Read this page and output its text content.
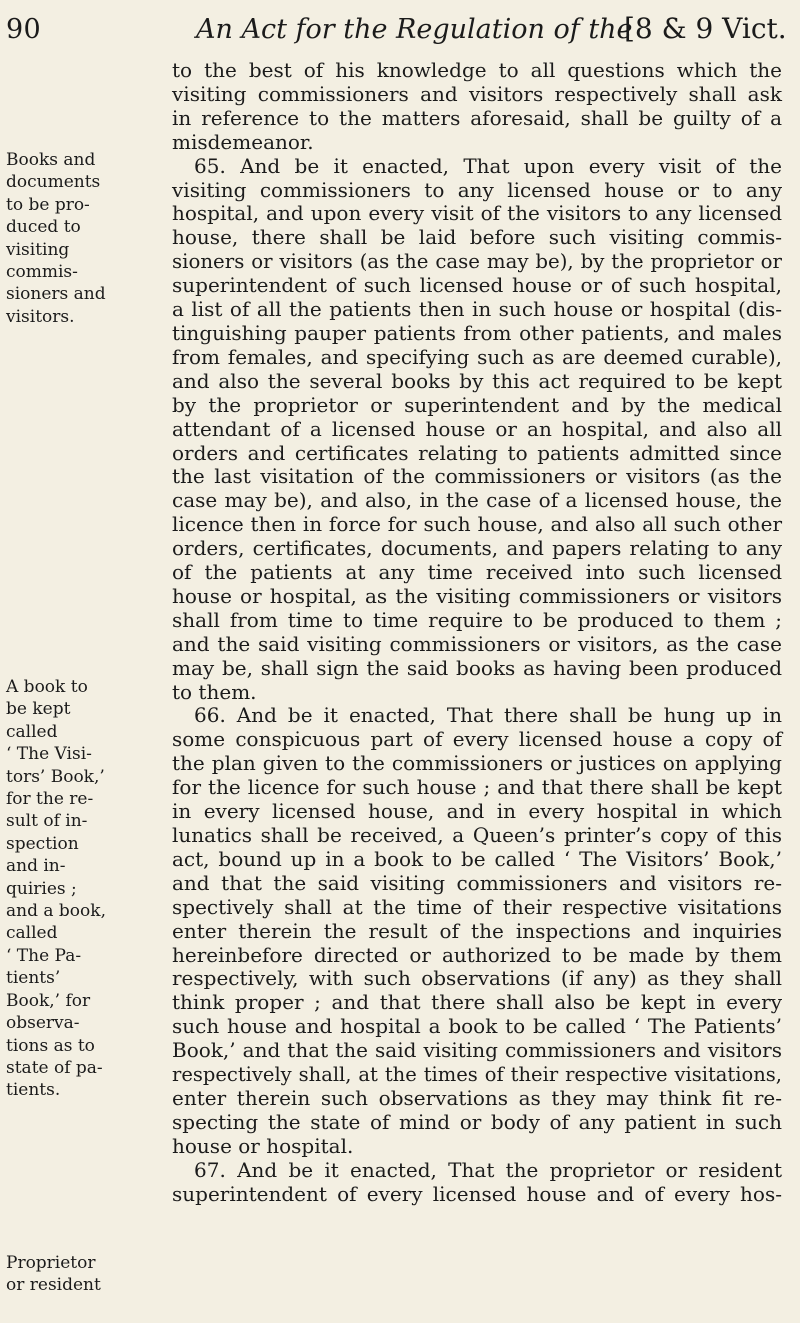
90	An Act for the Regulation of the
[8 & 9 Vict.
Books and
documents
to be pro-
duced to
visiting
commis-
sioners and
visitors.
A book to
be kept
called
‘ The Visi-
tors’ Book,’
for the re-
sult of in-
spection
and in-
quiries ;
and a book,
called
‘ The Pa-
tients’
Book,’ for
observa-
tions as to
state of pa-
tients.
Proprietor
or resident
to the best of his knowledge to all questions which the
visiting commissioners and visitors respectively shall ask
in reference to the matters aforesaid, shall be guilty of a
misdemeanor.
65. And be it enacted, That upon every visit of the
visiting commissioners to any licensed house or to any
hospital, and upon every visit of the visitors to any licensed
house, there shall be laid before such visiting commis-
sioners or visitors (as the case may be), by the proprietor or
superintendent of such licensed house or of such hospital,
a list of all the patients then in such house or hospital (dis-
tinguishing pauper patients from other patients, and males
from females, and specifying such as are deemed curable),
and also the several books by this act required to be kept
by the proprietor or superintendent and by the medical
attendant of a licensed house or an hospital, and also all
orders and certificates relating to patients admitted since
the last visitation of the commissioners or visitors (as the
case may be), and also, in the case of a licensed house, the
licence then in force for such house, and also all such other
orders, certificates, documents, and papers relating to any
of the patients at any time received into such licensed
house or hospital, as the visiting commissioners or visitors
shall from time to time require to be produced to them ;
and the said visiting commissioners or visitors, as the case
may be, shall sign the said books as having been produced
to them.
66. And be it enacted, That there shall be hung up in
some conspicuous part of every licensed house a copy of
the plan given to the commissioners or justices on applying
for the licence for such house ; and that there shall be kept
in every licensed house, and in every hospital in which
lunatics shall be received, a Queen’s printer’s copy of this
act, bound up in a book to be called ‘ The Visitors’ Book,’
and that the said visiting commissioners and visitors re-
spectively shall at the time of their respective visitations
enter therein the result of the inspections and inquiries
hereinbefore directed or authorized to be made by them
respectively, with such observations (if any) as they shall
think proper ; and that there shall also be kept in every
such house and hospital a book to be called ‘ The Patients’
Book,’ and that the said visiting commissioners and visitors
respectively shall, at the times of their respective visitations,
enter therein such observations as they may think fit re-
specting the state of mind or body of any patient in such
house or hospital.
67. And be it enacted, That the proprietor or resident
superintendent of every licensed house and of every hos-
